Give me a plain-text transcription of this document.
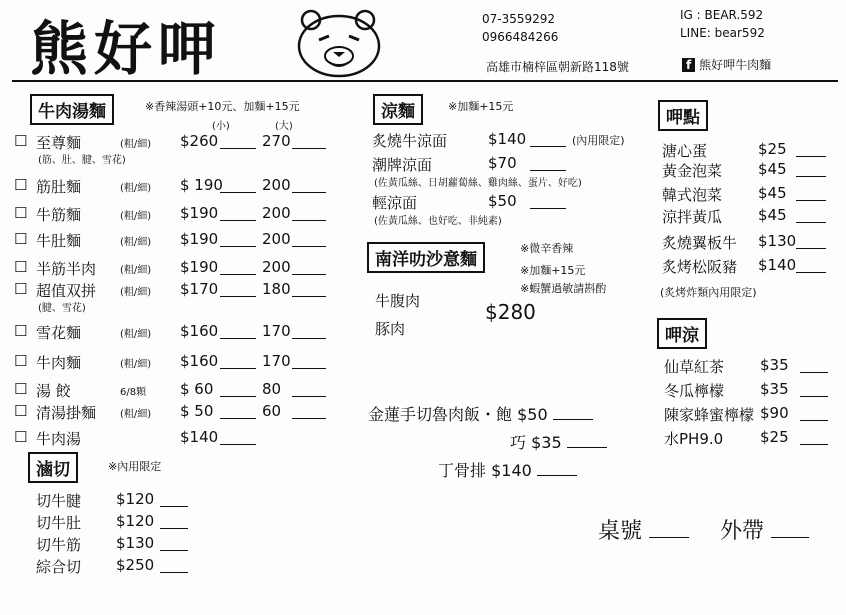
熊好呷	07-3559292
0966484266
高雄市楠梓區朝新路118號
IG : BEAR.592
LINE: bear592
f 熊好呷牛肉麵
牛肉湯麵	※香辣湯頭+10元、加麵+15元
(小)	(大)
滷切	※內用限定
涼麵	※加麵+15元
南洋叻沙意麵
※微辛香辣
※加麵+15元
※蝦蟹過敏請斟酌
牛腹肉
豚肉
$280
金蓮手切魯肉飯・飽 $50
巧 $35
丁骨排 $140
呷點
(炙烤炸類內用限定)
呷涼
桌號	外帶
☐ 至尊麵	(粗/細) $260	270
(筋、肚、腱、雪花)
☐ 筋肚麵	(粗/細) $ 190	200
☐ 牛筋麵	(粗/細) $190	200
☐ 牛肚麵	(粗/細) $190	200
☐ 半筋半肉 (粗/細) $190	200
☐ 超值双拼 (粗/細) $170	180
(腱、雪花)
☐ 雪花麵	(粗/細) $160	170
☐ 牛肉麵	(粗/細) $160	170
☐ 湯 餃	6/8顆 $ 60	80
☐ 清湯掛麵 (粗/細) $ 50	60
☐ 牛肉湯	$140
切牛腱 $120
切牛肚 $120
切牛筋 $130
綜合切 $250
炙燒牛涼面	$140	(內用限定)
潮牌涼面	$70
(佐黃瓜絲、日胡蘿蔔絲、雞肉絲、蛋片、好吃)
輕涼面	$50
(佐黃瓜絲、也好吃、非純素)
溏心蛋	$25
黃金泡菜 $45
韓式泡菜 $45
涼拌黃瓜 $45
炙燒翼板牛 $130
炙烤松阪豬 $140
仙草紅茶 $35
冬瓜檸檬 $35
陳家蜂蜜檸檬 $90
水PH9.0 $25
